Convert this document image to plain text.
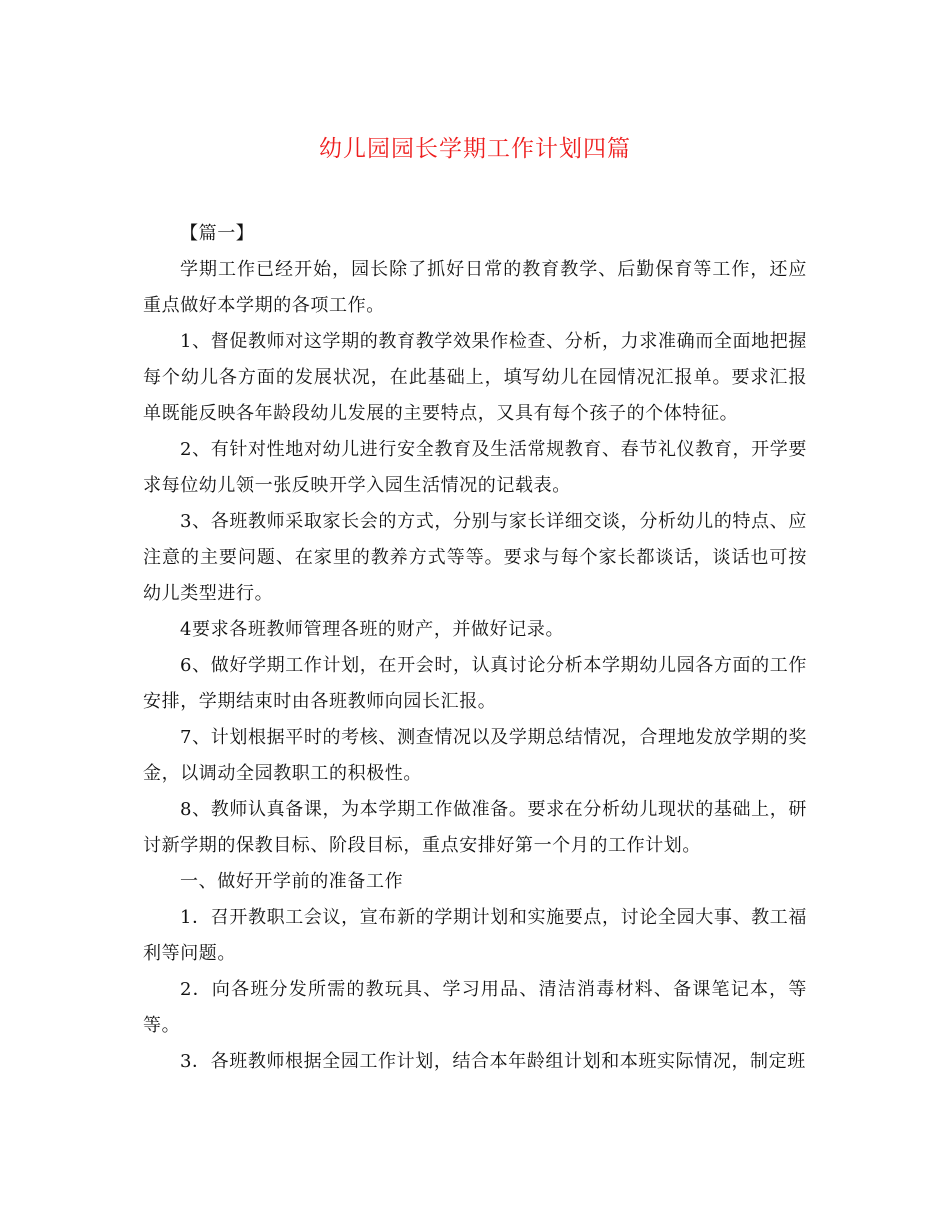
幼儿园园长学期工作计划四篇

【篇一】

学期工作已经开始，园长除了抓好日常的教育教学、后勤保育等工作，还应重点做好本学期的各项工作。

1、督促教师对这学期的教育教学效果作检查、分析，力求准确而全面地把握每个幼儿各方面的发展状况，在此基础上，填写幼儿在园情况汇报单。要求汇报单既能反映各年龄段幼儿发展的主要特点，又具有每个孩子的个体特征。

2、有针对性地对幼儿进行安全教育及生活常规教育、春节礼仪教育，开学要求每位幼儿领一张反映开学入园生活情况的记载表。

3、各班教师采取家长会的方式，分别与家长详细交谈，分析幼儿的特点、应注意的主要问题、在家里的教养方式等等。要求与每个家长都谈话，谈话也可按幼儿类型进行。

4要求各班教师管理各班的财产，并做好记录。

6、做好学期工作计划，在开会时，认真讨论分析本学期幼儿园各方面的工作安排，学期结束时由各班教师向园长汇报。

7、计划根据平时的考核、测查情况以及学期总结情况，合理地发放学期的奖金，以调动全园教职工的积极性。

8、教师认真备课，为本学期工作做准备。要求在分析幼儿现状的基础上，研讨新学期的保教目标、阶段目标，重点安排好第一个月的工作计划。

一、做好开学前的准备工作

1．召开教职工会议，宣布新的学期计划和实施要点，讨论全园大事、教工福利等问题。

2．向各班分发所需的教玩具、学习用品、清洁消毒材料、备课笔记本，等等。

3．各班教师根据全园工作计划，结合本年龄组计划和本班实际情况，制定班
